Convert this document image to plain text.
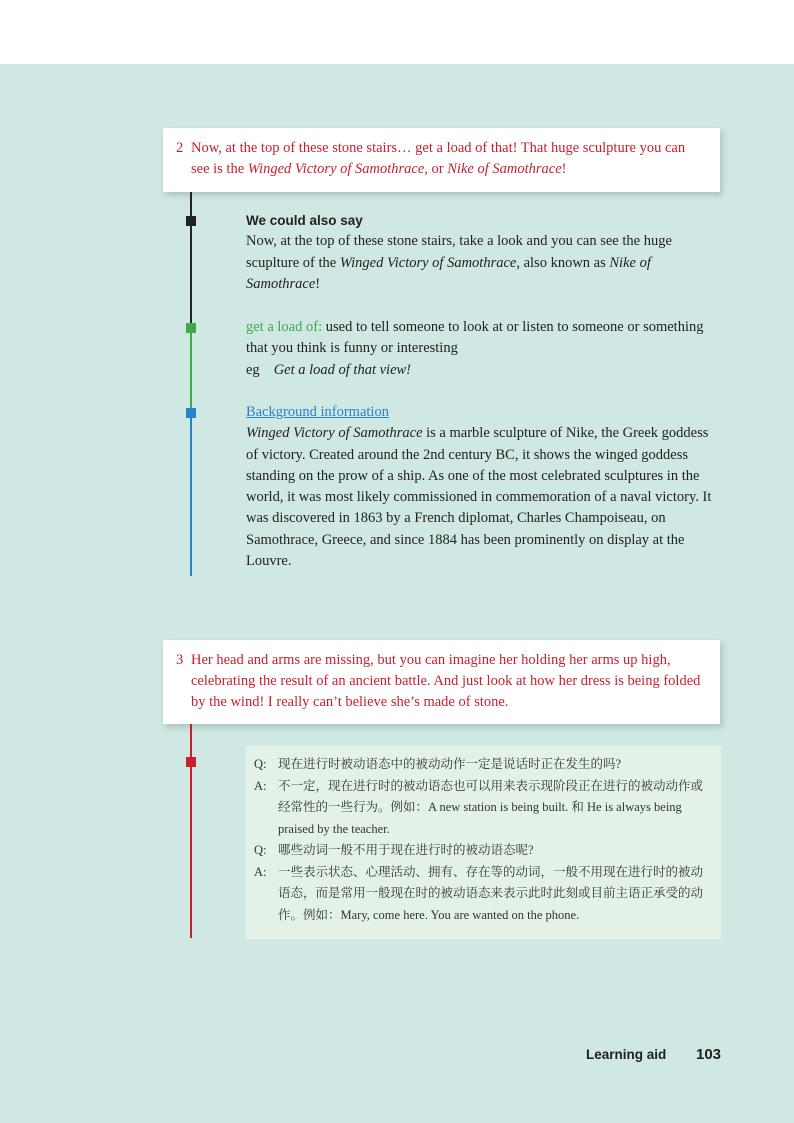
2 Now, at the top of these stone stairs… get a load of that! That huge sculpture you can see is the Winged Victory of Samothrace, or Nike of Samothrace!
We could also say
Now, at the top of these stone stairs, take a look and you can see the huge scuplture of the Winged Victory of Samothrace, also known as Nike of Samothrace!
get a load of: used to tell someone to look at or listen to someone or something that you think is funny or interesting
eg Get a load of that view!
Background information
Winged Victory of Samothrace is a marble sculpture of Nike, the Greek goddess of victory. Created around the 2nd century BC, it shows the winged goddess standing on the prow of a ship. As one of the most celebrated sculptures in the world, it was most likely commissioned in commemoration of a naval victory. It was discovered in 1863 by a French diplomat, Charles Champoiseau, on Samothrace, Greece, and since 1884 has been prominently on display at the Louvre.
3 Her head and arms are missing, but you can imagine her holding her arms up high, celebrating the result of an ancient battle. And just look at how her dress is being folded by the wind! I really can’t believe she’s made of stone.
Q: 现在进行时被动语态中的被动动作一定是说话时正在发生的吗?
A: 不一定，现在进行时的被动语态也可以用来表示现阶段正在进行的被动动作或经常性的一些行为。例如：A new station is being built. 和 He is always being praised by the teacher.
Q: 哪些动词一般不用于现在进行时的被动语态呢?
A: 一些表示状态、心理活动、拥有、存在等的动词，一般不用现在进行时的被动语态，而是常用一般现在时的被动语态来表示此时此刻或目前主语正承受的动作。例如：Mary, come here. You are wanted on the phone.
Learning aid 103
